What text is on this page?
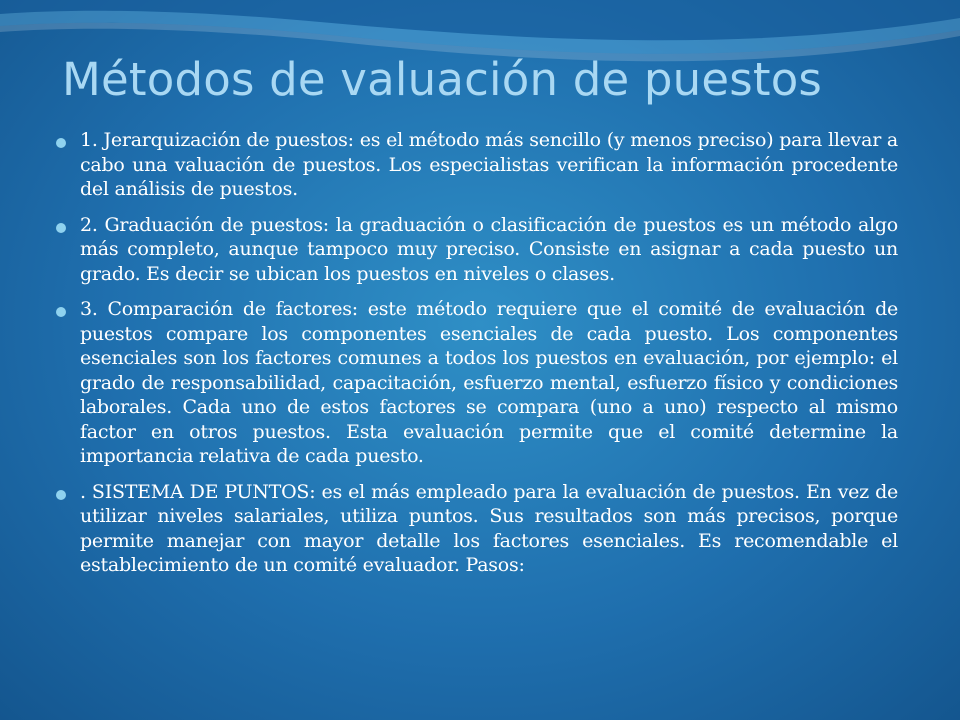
Métodos de valuación de puestos
1. Jerarquización de puestos: es el método más sencillo (y menos preciso) para llevar a cabo una valuación de puestos. Los especialistas verifican la información procedente del análisis de puestos.
2. Graduación de puestos: la graduación o clasificación de puestos es un método algo más completo, aunque tampoco muy preciso. Consiste en asignar a cada puesto un grado. Es decir se ubican los puestos en niveles o clases.
3. Comparación de factores: este método requiere que el comité de evaluación de puestos compare los componentes esenciales de cada puesto. Los componentes esenciales son los factores comunes a todos los puestos en evaluación, por ejemplo: el grado de responsabilidad, capacitación, esfuerzo mental, esfuerzo físico y condiciones laborales. Cada uno de estos factores se compara (uno a uno) respecto al mismo factor en otros puestos. Esta evaluación permite que el comité determine la importancia relativa de cada puesto.
. SISTEMA DE PUNTOS: es el más empleado para la evaluación de puestos. En vez de utilizar niveles salariales, utiliza puntos. Sus resultados son más precisos, porque permite manejar con mayor detalle los factores esenciales. Es recomendable el establecimiento de un comité evaluador. Pasos:
